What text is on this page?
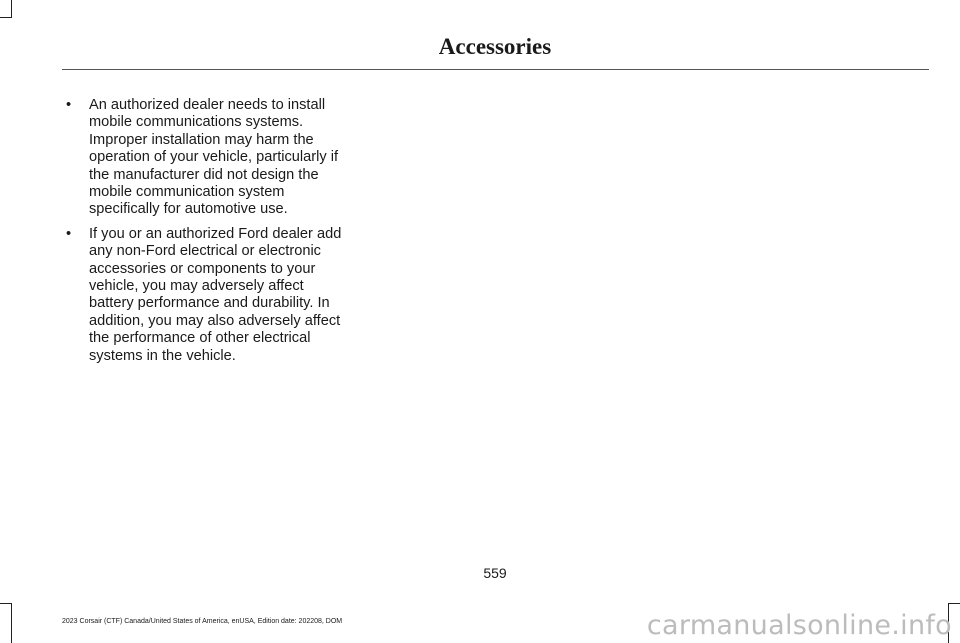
Accessories
• An authorized dealer needs to install mobile communications systems. Improper installation may harm the operation of your vehicle, particularly if the manufacturer did not design the mobile communication system specifically for automotive use.
• If you or an authorized Ford dealer add any non-Ford electrical or electronic accessories or components to your vehicle, you may adversely affect battery performance and durability. In addition, you may also adversely affect the performance of other electrical systems in the vehicle.
559
2023 Corsair (CTF) Canada/United States of America, enUSA, Edition date: 202208, DOM	carmanualsonline.info
